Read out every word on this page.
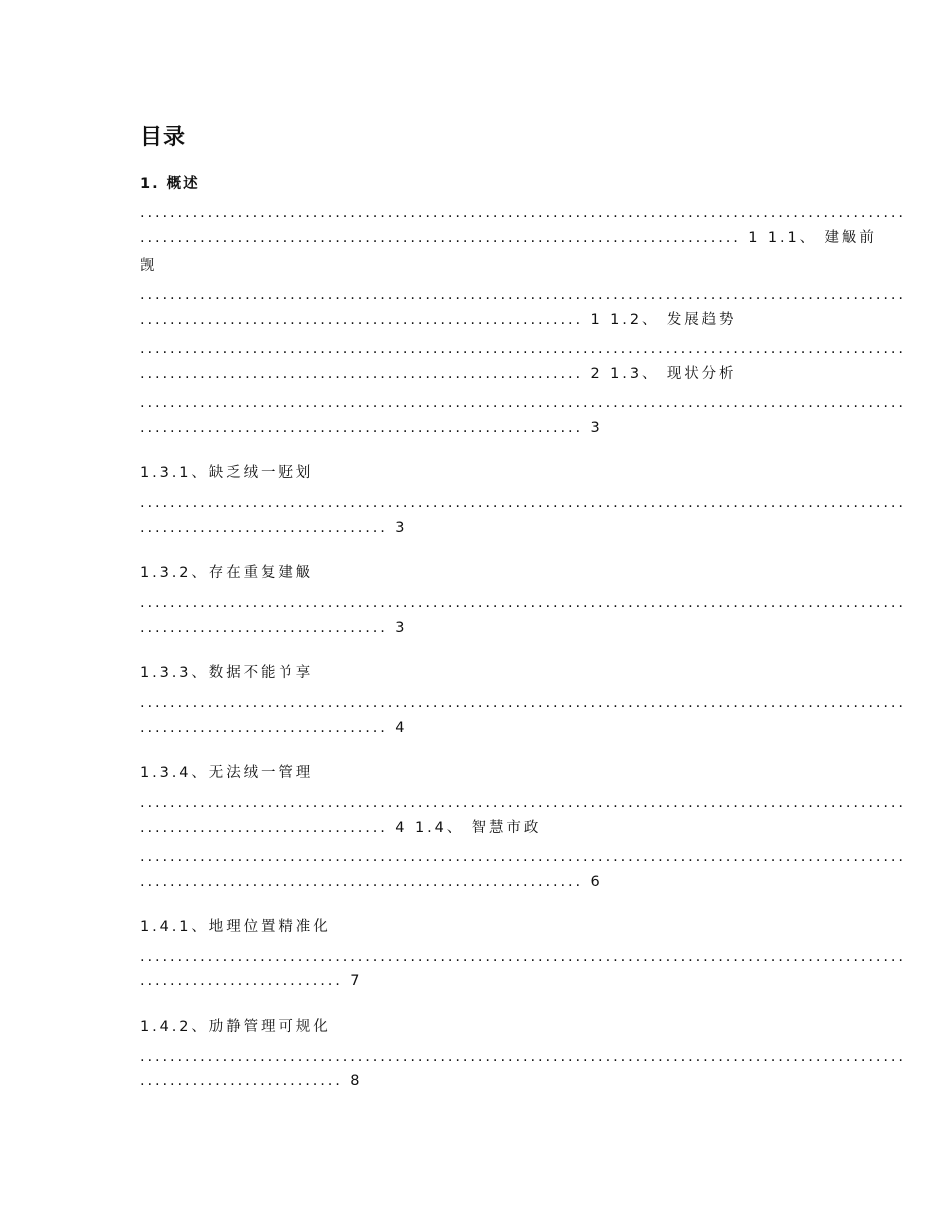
目录
1. 概述
......................................................................................................
................................................................................ 1 1.1、 建觙前
觊
......................................................................................................
........................................................... 1 1.2、 发展趋势
......................................................................................................
........................................................... 2 1.3、 现状分析
......................................................................................................
........................................................... 3
1.3.1、缺乏绒一觃划
......................................................................................................
................................. 3
1.3.2、存在重复建觙
......................................................................................................
................................. 3
1.3.3、数据不能兯享
......................................................................................................
................................. 4
1.3.4、无法绒一管理
......................................................................................................
................................. 4 1.4、 智慧市政
......................................................................................................
........................................................... 6
1.4.1、地理位置精准化
......................................................................................................
........................... 7
1.4.2、劢静管理可规化
......................................................................................................
........................... 8
